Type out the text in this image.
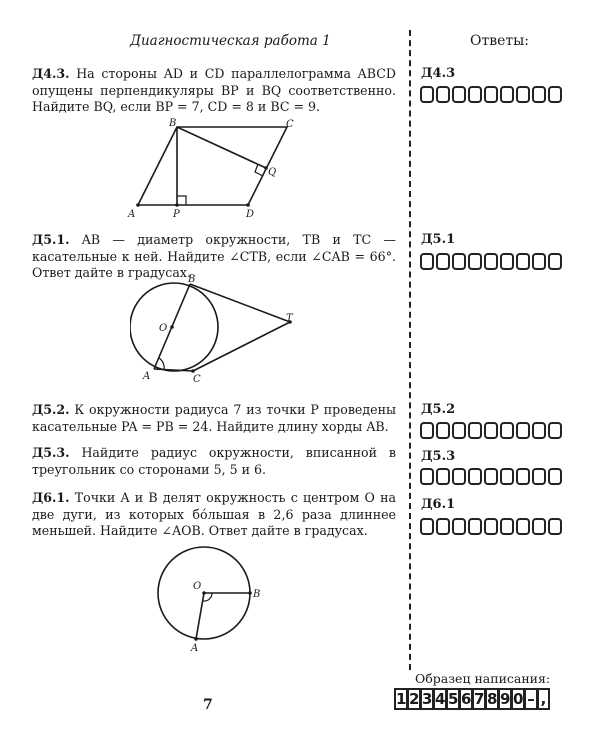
Диагностическая работа 1	Ответы:
Д4.3. На стороны AD и CD параллелограмма ABCD опущены перпендикуляры BP и BQ соответственно. Найдите BQ, если BP = 7, CD = 8 и BC = 9.
A	P	D
B	C
Q
Д5.1. AB — диаметр окружности, TB и TC — касательные к ней. Найдите ∠CTB, если ∠CAB = 66°. Ответ дайте в градусах.
B
O
T
A	C
Д5.2. К окружности радиуса 7 из точки P проведены касательные PA = PB = 24. Найдите длину хорды AB.
Д5.3. Найдите радиус окружности, вписанной в треугольник со сторонами 5, 5 и 6.
Д6.1. Точки A и B делят окружность с центром O на две дуги, из которых бо́льшая в 2,6 раза длиннее меньшей. Найдите ∠AOB. Ответ дайте в градусах.
O
B
A
Д4.3
Д5.1
Д5.2
Д5.3
Д6.1
7
Образец написания:
1 2 3 4 5 6 7 8 9 0 – ,
